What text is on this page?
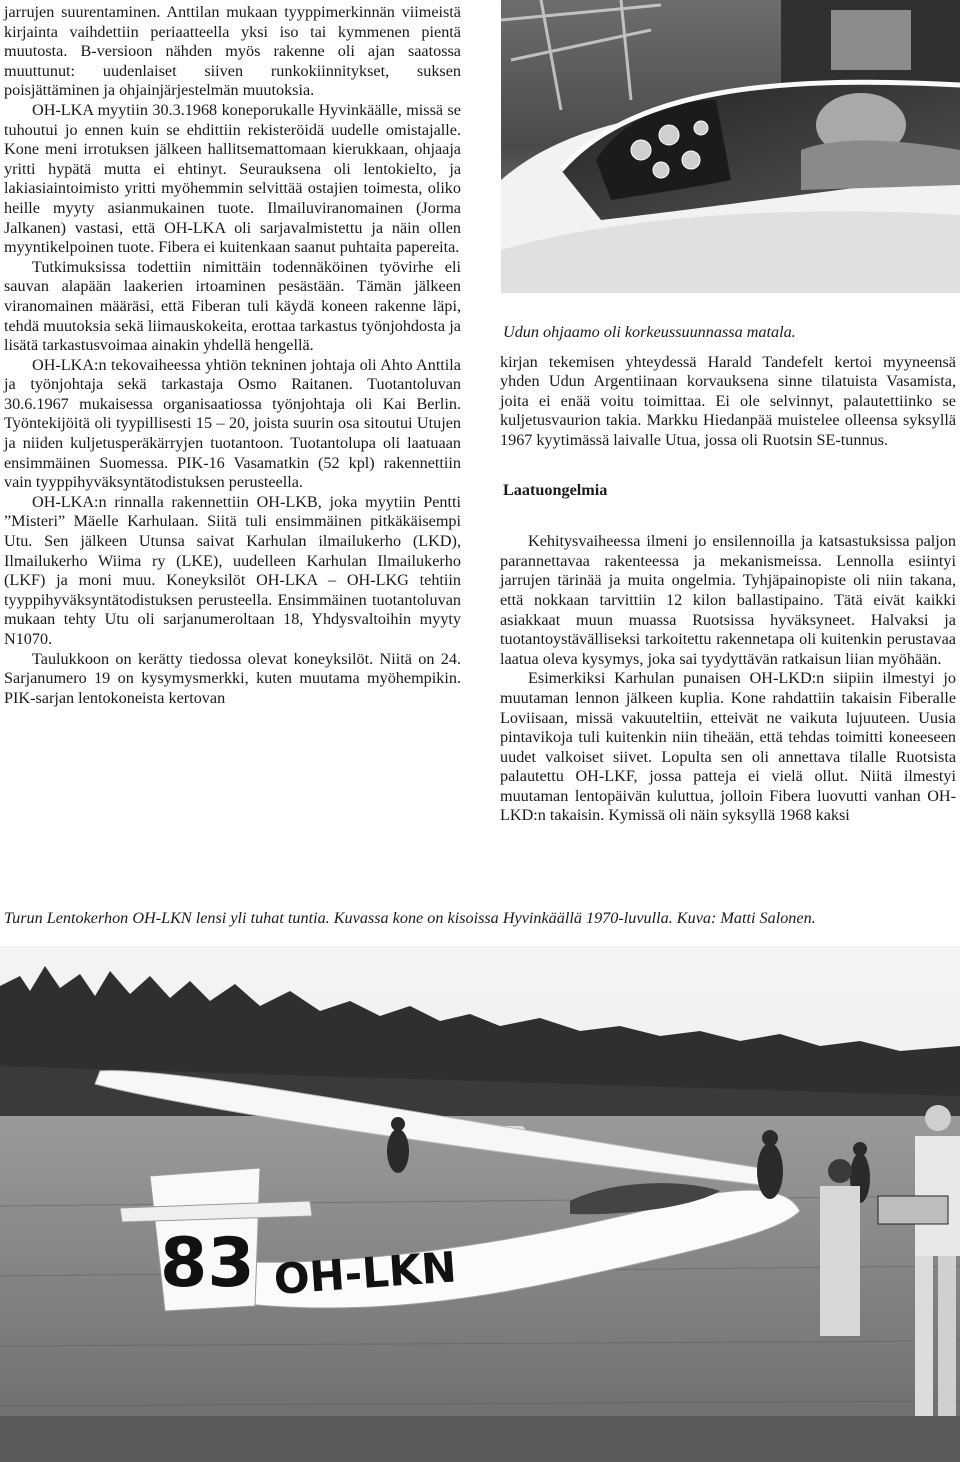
jarrujen suurentaminen. Anttilan mukaan tyyppimerkinnän viimeistä kirjainta vaihdettiin periaatteella yksi iso tai kymmenen pientä muutosta. B-versioon nähden myös rakenne oli ajan saatossa muuttunut: uudenlaiset siiven runkokiinnitykset, suksen poisjättäminen ja ohjainjärjestelmän muutoksia.

OH-LKA myytiin 30.3.1968 koneporukalle Hyvinkäälle, missä se tuhoutui jo ennen kuin se ehdittiin rekisteröidä uudelle omistajalle. Kone meni irrotuksen jälkeen hallitsemattomaan kierukkaan, ohjaaja yritti hypätä mutta ei ehtinyt. Seurauksena oli lentokielto, ja lakiasiaintoimisto yritti myöhemmin selvittää ostajien toimesta, oliko heille myyty asianmukainen tuote. Ilmailuviranomainen (Jorma Jalkanen) vastasi, että OH-LKA oli sarjavalmistettu ja näin ollen myyntikelpoinen tuote. Fibera ei kuitenkaan saanut puhtaita papereita.

Tutkimuksissa todettiin nimittäin todennäköinen työvirhe eli sauvan alapään laakerien irtoaminen pesästään. Tämän jälkeen viranomainen määräsi, että Fiberan tuli käydä koneen rakenne läpi, tehdä muutoksia sekä liimauskokeita, erottaa tarkastus työnjohdosta ja lisätä tarkastusvoimaa ainakin yhdellä hengellä.

OH-LKA:n tekovaiheessa yhtiön tekninen johtaja oli Ahto Anttila ja työnjohtaja sekä tarkastaja Osmo Raitanen. Tuotantoluvan 30.6.1967 mukaisessa organisaatiossa työnjohtaja oli Kai Berlin. Työntekijöitä oli tyypillisesti 15 – 20, joista suurin osa sitoutui Utujen ja niiden kuljetusperäkärryjen tuotantoon. Tuotantolupa oli laatuaan ensimmäinen Suomessa. PIK-16 Vasamatkin (52 kpl) rakennettiin vain tyyppihyväksyntätodistuksen perusteella.

OH-LKA:n rinnalla rakennettiin OH-LKB, joka myytiin Pentti ”Misteri” Mäelle Karhulaan. Siitä tuli ensimmäinen pitkäkäisempi Utu. Sen jälkeen Utunsa saivat Karhulan ilmailukerho (LKD), Ilmailukerho Wiima ry (LKE), uudelleen Karhulan Ilmailukerho (LKF) ja moni muu. Koneyksilöt OH-LKA – OH-LKG tehtiin tyyppihyväksyntätodistuksen perusteella. Ensimmäinen tuotantoluvan mukaan tehty Utu oli sarjanumeroltaan 18, Yhdysvaltoihin myyty N1070.

Taulukkoon on kerätty tiedossa olevat koneyksilöt. Niitä on 24. Sarjanumero 19 on kysymysmerkki, kuten muutama myöhempikin. PIK-sarjan lentokoneista kertovan

Udun ohjaamo oli korkeussuunnassa matala.

kirjan tekemisen yhteydessä Harald Tandefelt kertoi myyneensä yhden Udun Argentiinaan korvauksena sinne tilatuista Vasamista, joita ei enää voitu toimittaa. Ei ole selvinnyt, palautettiinko se kuljetusvaurion takia. Markku Hiedanpää muistelee olleensa syksyllä 1967 kyytimässä laivalle Utua, jossa oli Ruotsin SE-tunnus.

Laatuongelmia

Kehitysvaiheessa ilmeni jo ensilennoilla ja katsastuksissa paljon parannettavaa rakenteessa ja mekanismeissa. Lennolla esiintyi jarrujen tärinää ja muita ongelmia. Tyhjäpainopiste oli niin takana, että nokkaan tarvittiin 12 kilon ballastipaino. Tätä eivät kaikki asiakkaat muun muassa Ruotsissa hyväksyneet. Halvaksi ja tuotantoystävälliseksi tarkoitettu rakennetapa oli kuitenkin perustavaa laatua oleva kysymys, joka sai tyydyttävän ratkaisun liian myöhään.

Esimerkiksi Karhulan punaisen OH-LKD:n siipiin ilmestyi jo muutaman lennon jälkeen kuplia. Kone rahdattiin takaisin Fiberalle Loviisaan, missä vakuuteltiin, etteivät ne vaikuta lujuuteen. Uusia pintavikoja tuli kuitenkin niin tiheään, että tehdas toimitti koneeseen uudet valkoiset siivet. Lopulta sen oli annettava tilalle Ruotsista palautettu OH-LKF, jossa patteja ei vielä ollut. Niitä ilmestyi muutaman lentopäivän kuluttua, jolloin Fibera luovutti vanhan OH-LKD:n takaisin. Kymissä oli näin syksyllä 1968 kaksi

Turun Lentokerhon OH-LKN lensi yli tuhat tuntia. Kuvassa kone on kisoissa Hyvinkäällä 1970-luvulla. Kuva: Matti Salonen.
83 OH-LKN
